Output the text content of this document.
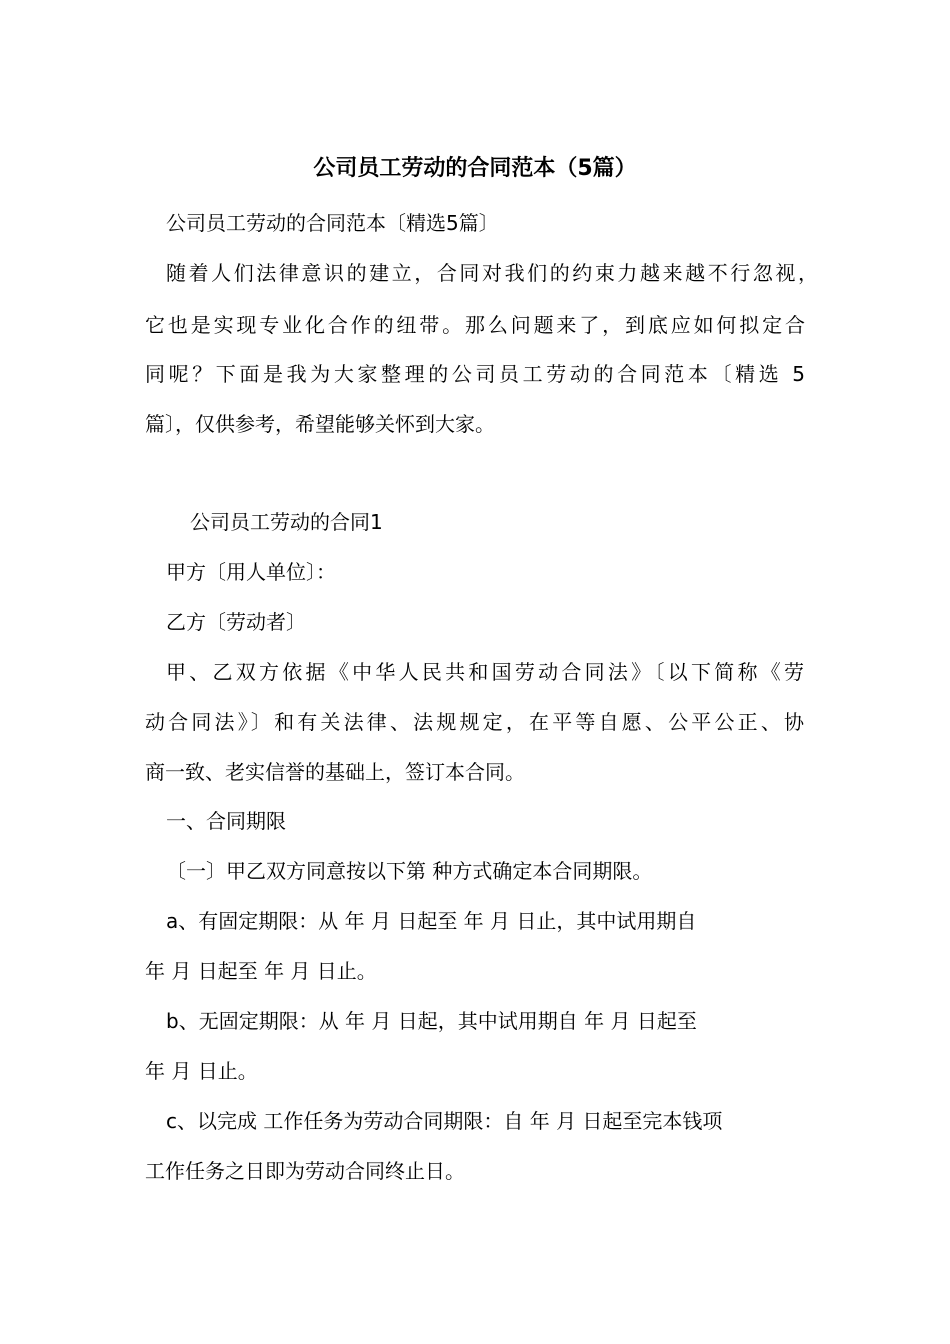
公司员工劳动的合同范本（5篇）
公司员工劳动的合同范本〔精选5篇〕
随着人们法律意识的建立，合同对我们的约束力越来越不行忽视，
它也是实现专业化合作的纽带。那么问题来了，到底应如何拟定合
同呢？下面是我为大家整理的公司员工劳动的合同范本〔精选 5
篇〕，仅供参考，希望能够关怀到大家。
公司员工劳动的合同1
甲方〔用人单位〕：
乙方〔劳动者〕
甲、乙双方依据《中华人民共和国劳动合同法》〔以下简称《劳
动合同法》〕和有关法律、法规规定，在平等自愿、公平公正、协
商一致、老实信誉的基础上，签订本合同。
一、合同期限
〔一〕甲乙双方同意按以下第 种方式确定本合同期限。
a、有固定期限：从 年 月 日起至 年 月 日止，其中试用期自
年 月 日起至 年 月 日止。
b、无固定期限：从 年 月 日起，其中试用期自 年 月 日起至
年 月 日止。
c、以完成 工作任务为劳动合同期限：自 年 月 日起至完本钱项
工作任务之日即为劳动合同终止日。
